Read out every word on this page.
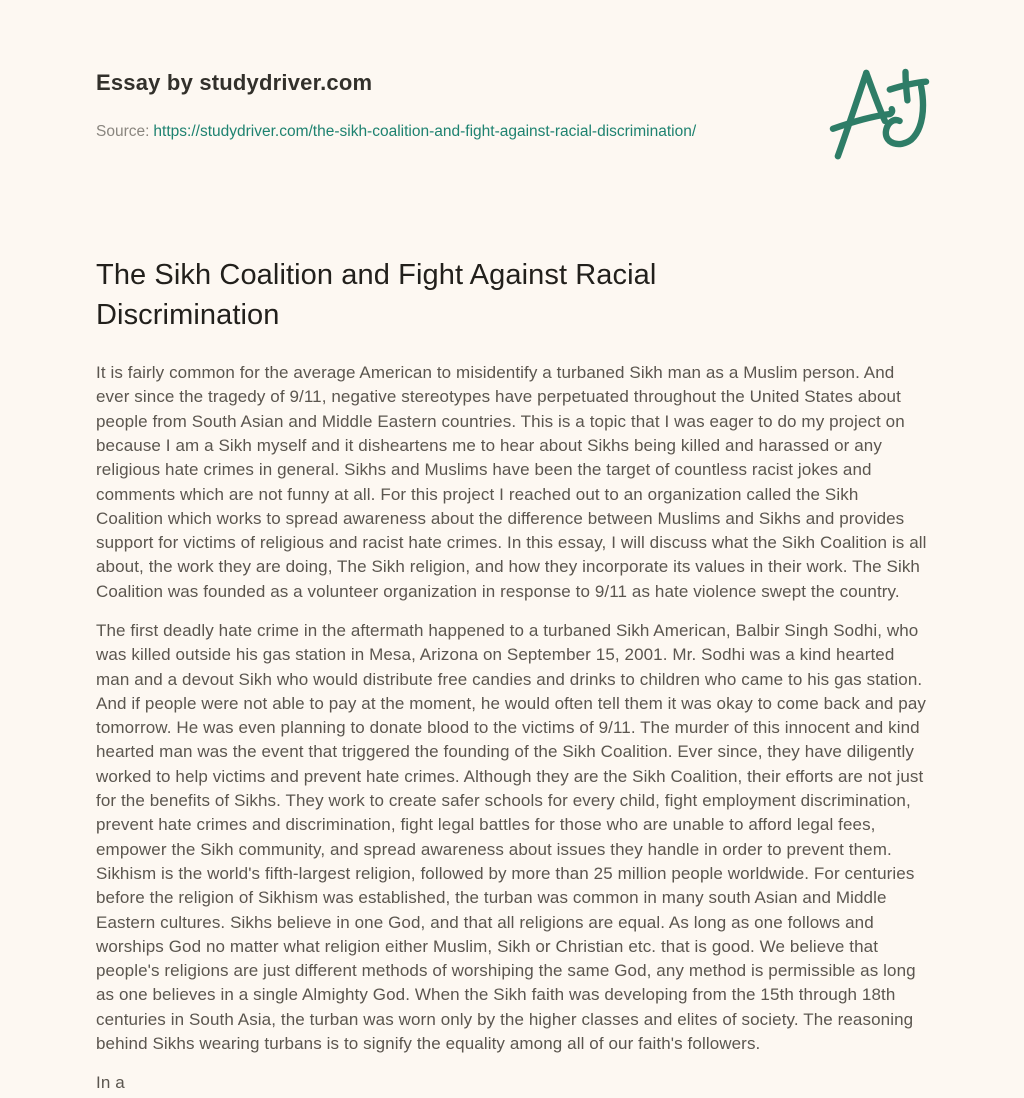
Essay by studydriver.com
Source: https://studydriver.com/the-sikh-coalition-and-fight-against-racial-discrimination/
The Sikh Coalition and Fight Against Racial Discrimination

It is fairly common for the average American to misidentify a turbaned Sikh man as a Muslim person. And ever since the tragedy of 9/11, negative stereotypes have perpetuated throughout the United States about people from South Asian and Middle Eastern countries. This is a topic that I was eager to do my project on because I am a Sikh myself and it disheartens me to hear about Sikhs being killed and harassed or any religious hate crimes in general. Sikhs and Muslims have been the target of countless racist jokes and comments which are not funny at all. For this project I reached out to an organization called the Sikh Coalition which works to spread awareness about the difference between Muslims and Sikhs and provides support for victims of religious and racist hate crimes. In this essay, I will discuss what the Sikh Coalition is all about, the work they are doing, The Sikh religion, and how they incorporate its values in their work. The Sikh Coalition was founded as a volunteer organization in response to 9/11 as hate violence swept the country.

The first deadly hate crime in the aftermath happened to a turbaned Sikh American, Balbir Singh Sodhi, who was killed outside his gas station in Mesa, Arizona on September 15, 2001. Mr. Sodhi was a kind hearted man and a devout Sikh who would distribute free candies and drinks to children who came to his gas station. And if people were not able to pay at the moment, he would often tell them it was okay to come back and pay tomorrow. He was even planning to donate blood to the victims of 9/11. The murder of this innocent and kind hearted man was the event that triggered the founding of the Sikh Coalition. Ever since, they have diligently worked to help victims and prevent hate crimes. Although they are the Sikh Coalition, their efforts are not just for the benefits of Sikhs. They work to create safer schools for every child, fight employment discrimination, prevent hate crimes and discrimination, fight legal battles for those who are unable to afford legal fees, empower the Sikh community, and spread awareness about issues they handle in order to prevent them. Sikhism is the world's fifth-largest religion, followed by more than 25 million people worldwide. For centuries before the religion of Sikhism was established, the turban was common in many south Asian and Middle Eastern cultures. Sikhs believe in one God, and that all religions are equal. As long as one follows and worships God no matter what religion either Muslim, Sikh or Christian etc. that is good. We believe that people's religions are just different methods of worshiping the same God, any method is permissible as long as one believes in a single Almighty God. When the Sikh faith was developing from the 15th through 18th centuries in South Asia, the turban was worn only by the higher classes and elites of society. The reasoning behind Sikhs wearing turbans is to signify the equality among all of our faith's followers.

In a
